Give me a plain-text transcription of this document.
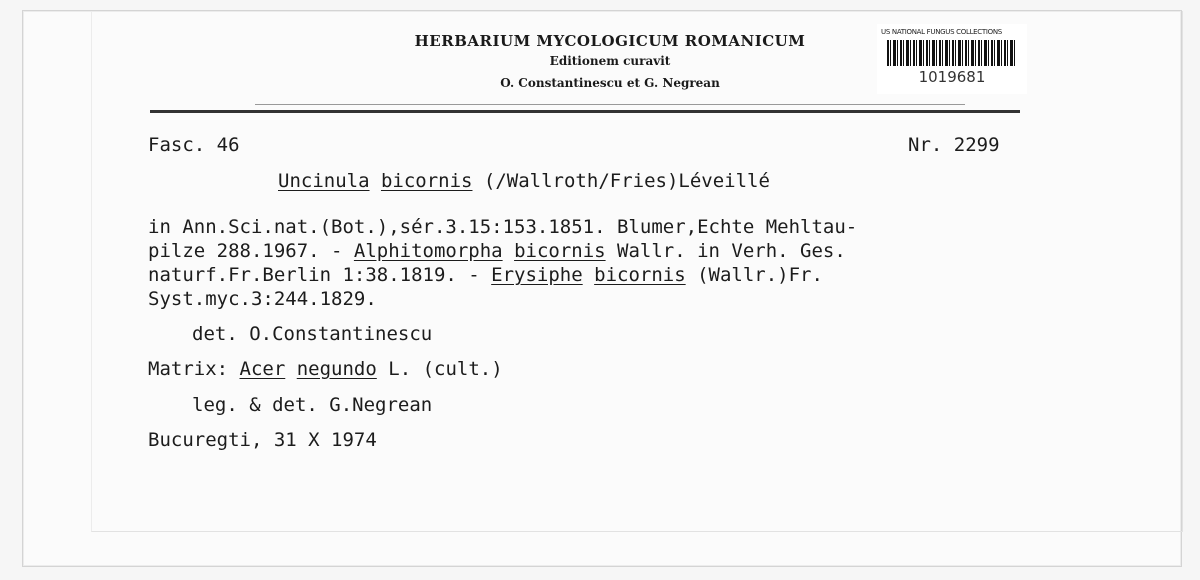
HERBARIUM MYCOLOGICUM ROMANICUM
Editionem curavit
O. Constantinescu et G. Negrean
US NATIONAL FUNGUS COLLECTIONS
1019681
Fasc. 46	Nr. 2299
Uncinula bicornis (/Wallroth/Fries)Léveillé
in Ann.Sci.nat.(Bot.),sér.3.15:153.1851. Blumer,Echte Mehltau-
pilze 288.1967. - Alphitomorpha bicornis Wallr. in Verh. Ges.
naturf.Fr.Berlin 1:38.1819. - Erysiphe bicornis (Wallr.)Fr.
Syst.myc.3:244.1829.
det. O.Constantinescu
Matrix: Acer negundo L. (cult.)
leg. & det. G.Negrean
Bucuregti, 31 X 1974
